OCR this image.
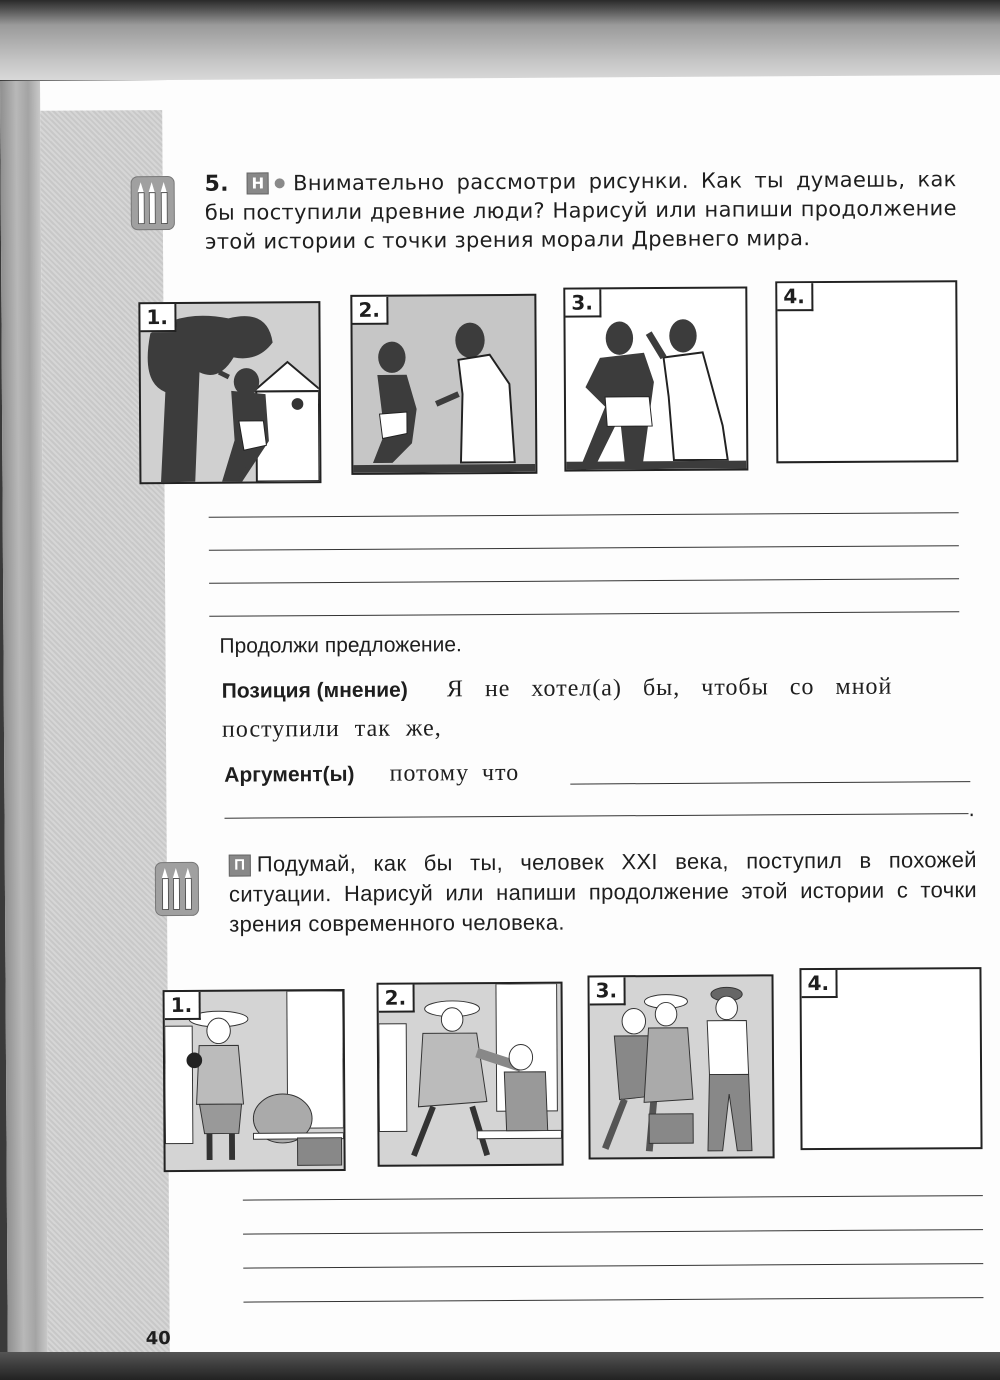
5. Н Внимательно рассмотри рисунки. Как ты думаешь, как бы поступили древние люди? Нарисуй или напиши продолжение этой истории с точки зрения морали Древнего мира.
1.	2.	3.	4.
Продолжи предложение.
Позиция (мнение) Я не хотел(а) бы, чтобы со мной
поступили так же,
Аргумент(ы) потому что
.
П Подумай, как бы ты, человек XXI века, поступил в похожей ситуации. Нарисуй или напиши продолжение этой истории с точки зрения современного человека.
1.	2.	3.	4.
40
